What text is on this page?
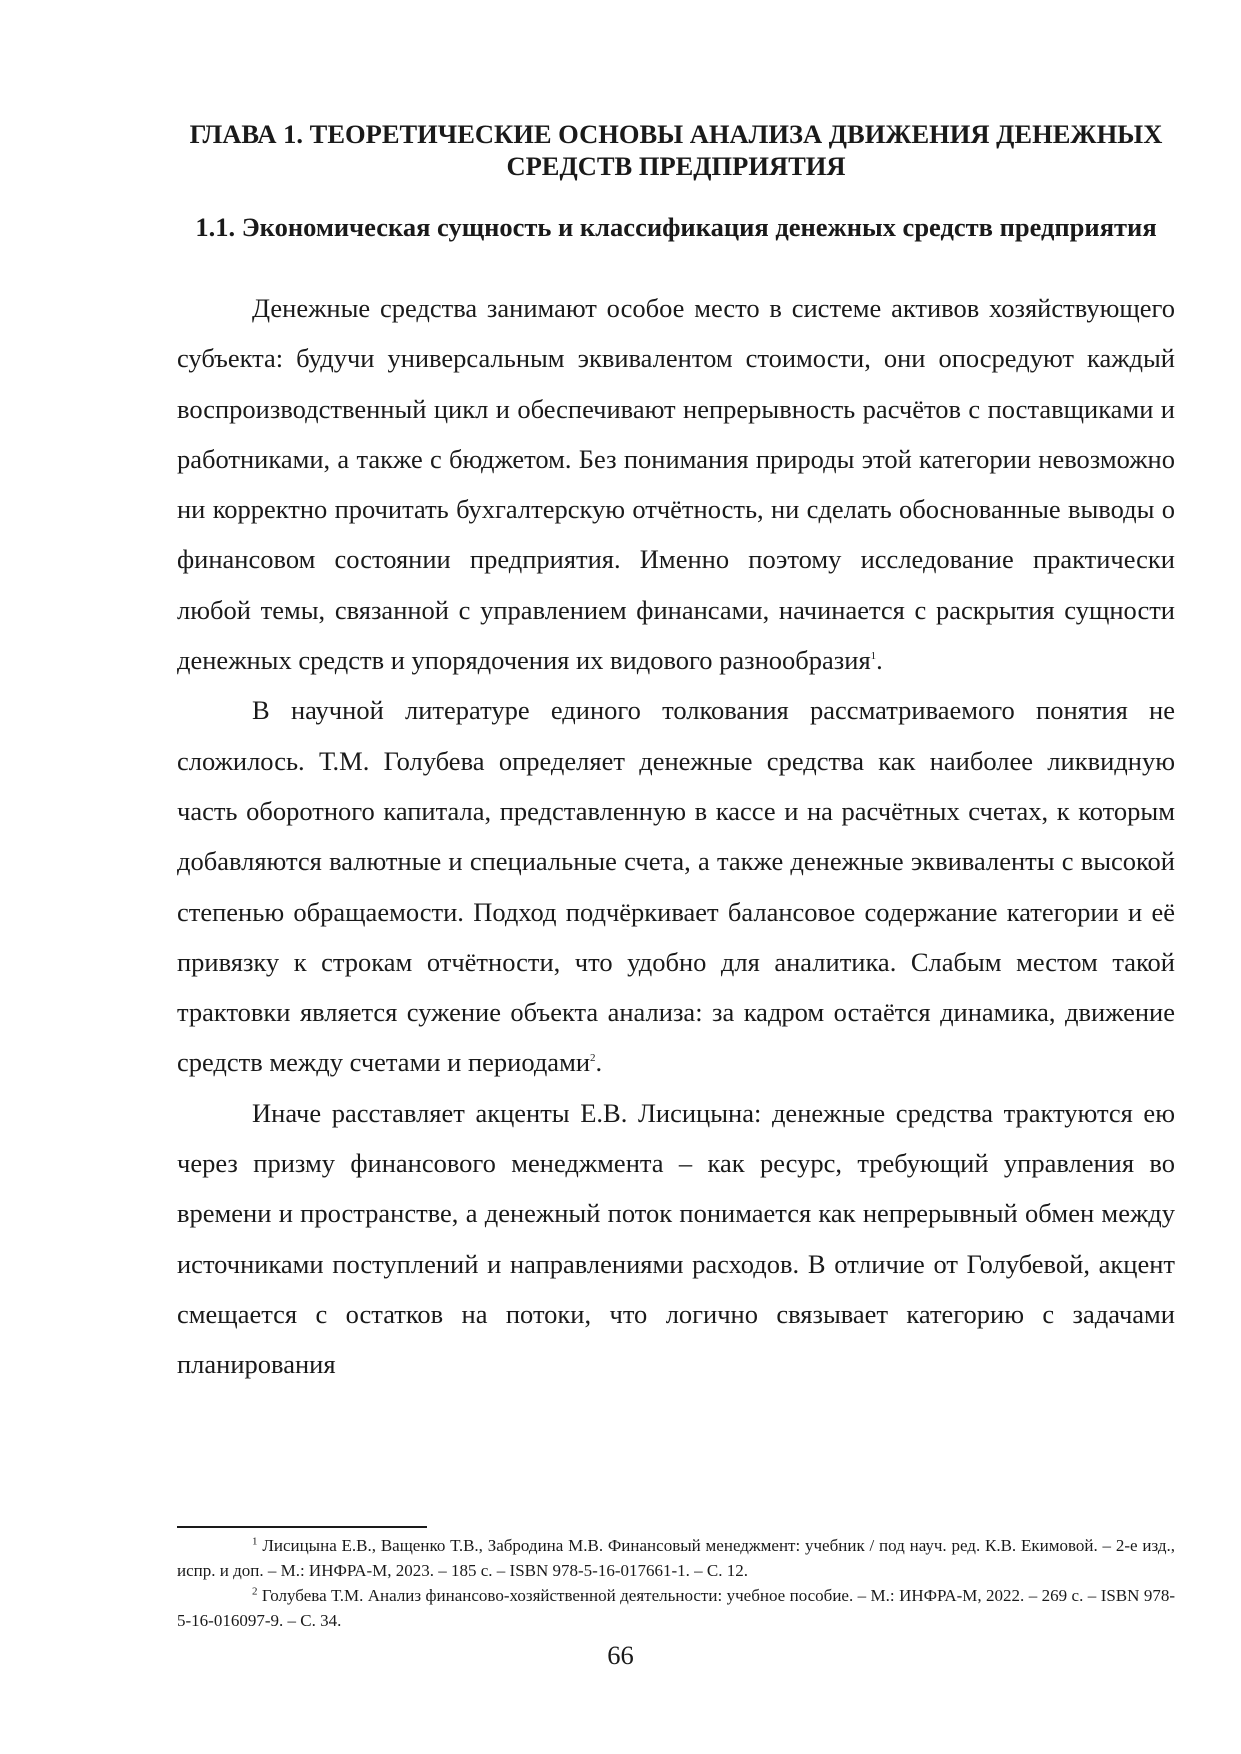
ГЛАВА 1. ТЕОРЕТИЧЕСКИЕ ОСНОВЫ АНАЛИЗА ДВИЖЕНИЯ ДЕНЕЖНЫХ СРЕДСТВ ПРЕДПРИЯТИЯ
1.1. Экономическая сущность и классификация денежных средств предприятия

Денежные средства занимают особое место в системе активов хозяйствующего субъекта: будучи универсальным эквивалентом стоимости, они опосредуют каждый воспроизводственный цикл и обеспечивают непрерывность расчётов с поставщиками и работниками, а также с бюджетом. Без понимания природы этой категории невозможно ни корректно прочитать бухгалтерскую отчётность, ни сделать обоснованные выводы о финансовом состоянии предприятия. Именно поэтому исследование практически любой темы, связанной с управлением финансами, начинается с раскрытия сущности денежных средств и упорядочения их видового разнообразия$^1$.

В научной литературе единого толкования рассматриваемого понятия не сложилось. Т.М. Голубева определяет денежные средства как наиболее ликвидную часть оборотного капитала, представленную в кассе и на расчётных счетах, к которым добавляются валютные и специальные счета, а также денежные эквиваленты с высокой степенью обращаемости. Подход подчёркивает балансовое содержание категории и её привязку к строкам отчётности, что удобно для аналитика. Слабым местом такой трактовки является сужение объекта анализа: за кадром остаётся динамика, движение средств между счетами и периодами$^2$.

Иначе расставляет акценты Е.В. Лисицына: денежные средства трактуются ею через призму финансового менеджмента – как ресурс, требующий управления во времени и пространстве, а денежный поток понимается как непрерывный обмен между источниками поступлений и направлениями расходов. В отличие от Голубевой, акцент смещается с остатков на потоки, что логично связывает категорию с задачами планирования

$^1$ Лисицына Е.В., Ващенко Т.В., Забродина М.В. Финансовый менеджмент: учебник / под науч. ред. К.В. Екимовой. – 2-е изд., испр. и доп. – М.: ИНФРА-М, 2023. – 185 с. – ISBN 978-5-16-017661-1. – С. 12.

$^2$ Голубева Т.М. Анализ финансово-хозяйственной деятельности: учебное пособие. – М.: ИНФРА-М, 2022. – 269 с. – ISBN 978-5-16-016097-9. – С. 34.

66
